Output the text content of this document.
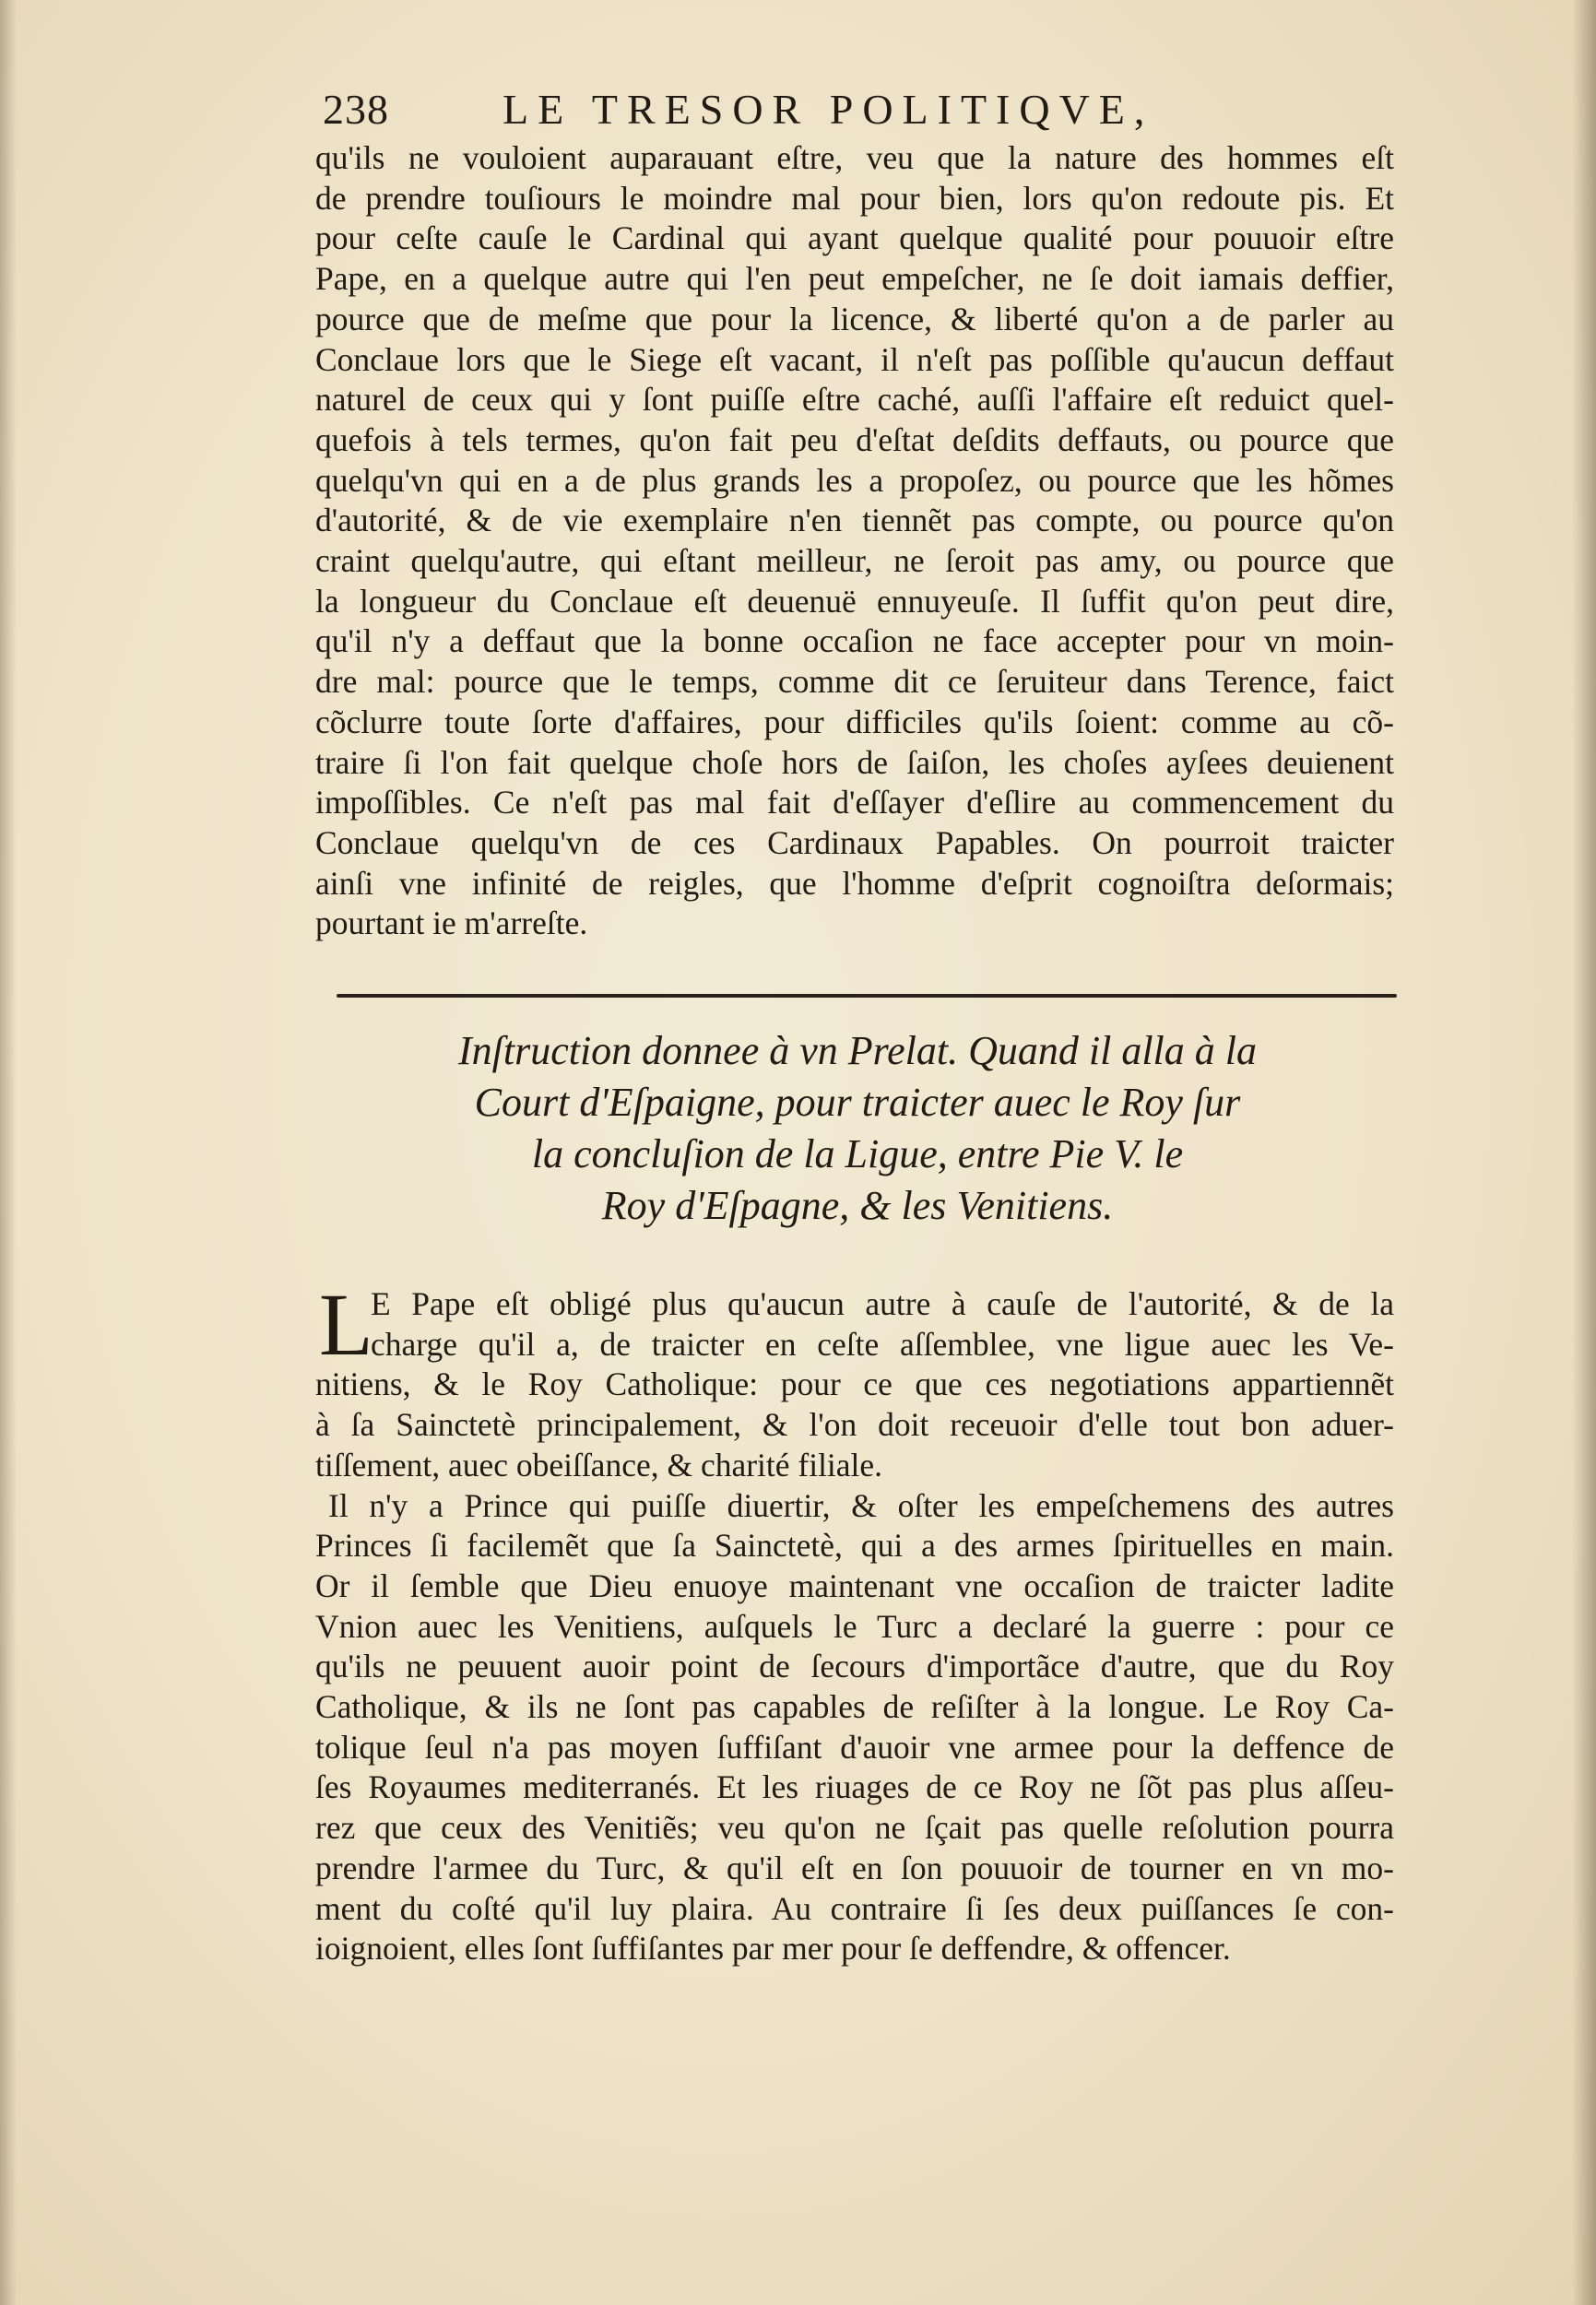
238	LE TRESOR POLITIQVE,
qu'ils ne vouloient auparauant eſtre, veu que la nature des hommes eſt
de prendre touſiours le moindre mal pour bien, lors qu'on redoute pis. Et
pour ceſte cauſe le Cardinal qui ayant quelque qualité pour pouuoir eſtre
Pape, en a quelque autre qui l'en peut empeſcher, ne ſe doit iamais deffier,
pource que de meſme que pour la licence, & liberté qu'on a de parler au
Conclaue lors que le Siege eſt vacant, il n'eſt pas poſſible qu'aucun deffaut
naturel de ceux qui y ſont puiſſe eſtre caché, auſſi l'affaire eſt reduict quel-
quefois à tels termes, qu'on fait peu d'eſtat deſdits deffauts, ou pource que
quelqu'vn qui en a de plus grands les a propoſez, ou pource que les hõmes
d'autorité, & de vie exemplaire n'en tiennẽt pas compte, ou pource qu'on
craint quelqu'autre, qui eſtant meilleur, ne ſeroit pas amy, ou pource que
la longueur du Conclaue eſt deuenuë ennuyeuſe. Il ſuffit qu'on peut dire,
qu'il n'y a deffaut que la bonne occaſion ne face accepter pour vn moin-
dre mal: pource que le temps, comme dit ce ſeruiteur dans Terence, faict
cõclurre toute ſorte d'affaires, pour difficiles qu'ils ſoient: comme au cõ-
traire ſi l'on fait quelque choſe hors de ſaiſon, les choſes ayſees deuienent
impoſſibles. Ce n'eſt pas mal fait d'eſſayer d'eſlire au commencement du
Conclaue quelqu'vn de ces Cardinaux Papables. On pourroit traicter
ainſi vne infinité de reigles, que l'homme d'eſprit cognoiſtra deſormais;
pourtant ie m'arreſte.
Inſtruction donnee à vn Prelat. Quand il alla à la
Court d'Eſpaigne, pour traicter auec le Roy ſur
la concluſion de la Ligue, entre Pie V. le
Roy d'Eſpagne, & les Venitiens.
L
E Pape eſt obligé plus qu'aucun autre à cauſe de l'autorité, & de la
charge qu'il a, de traicter en ceſte aſſemblee, vne ligue auec les Ve-
nitiens, & le Roy Catholique: pour ce que ces negotiations appartiennẽt
à ſa Sainctetè principalement, & l'on doit receuoir d'elle tout bon aduer-
tiſſement, auec obeiſſance, & charité filiale.
Il n'y a Prince qui puiſſe diuertir, & oſter les empeſchemens des autres
Princes ſi facilemẽt que ſa Sainctetè, qui a des armes ſpirituelles en main.
Or il ſemble que Dieu enuoye maintenant vne occaſion de traicter ladite
Vnion auec les Venitiens, auſquels le Turc a declaré la guerre : pour ce
qu'ils ne peuuent auoir point de ſecours d'importãce d'autre, que du Roy
Catholique, & ils ne ſont pas capables de reſiſter à la longue. Le Roy Ca-
tolique ſeul n'a pas moyen ſuffiſant d'auoir vne armee pour la deffence de
ſes Royaumes mediterranés. Et les riuages de ce Roy ne ſõt pas plus aſſeu-
rez que ceux des Venitiẽs; veu qu'on ne ſçait pas quelle reſolution pourra
prendre l'armee du Turc, & qu'il eſt en ſon pouuoir de tourner en vn mo-
ment du coſté qu'il luy plaira. Au contraire ſi ſes deux puiſſances ſe con-
ioignoient, elles ſont ſuffiſantes par mer pour ſe deffendre, & offencer.
